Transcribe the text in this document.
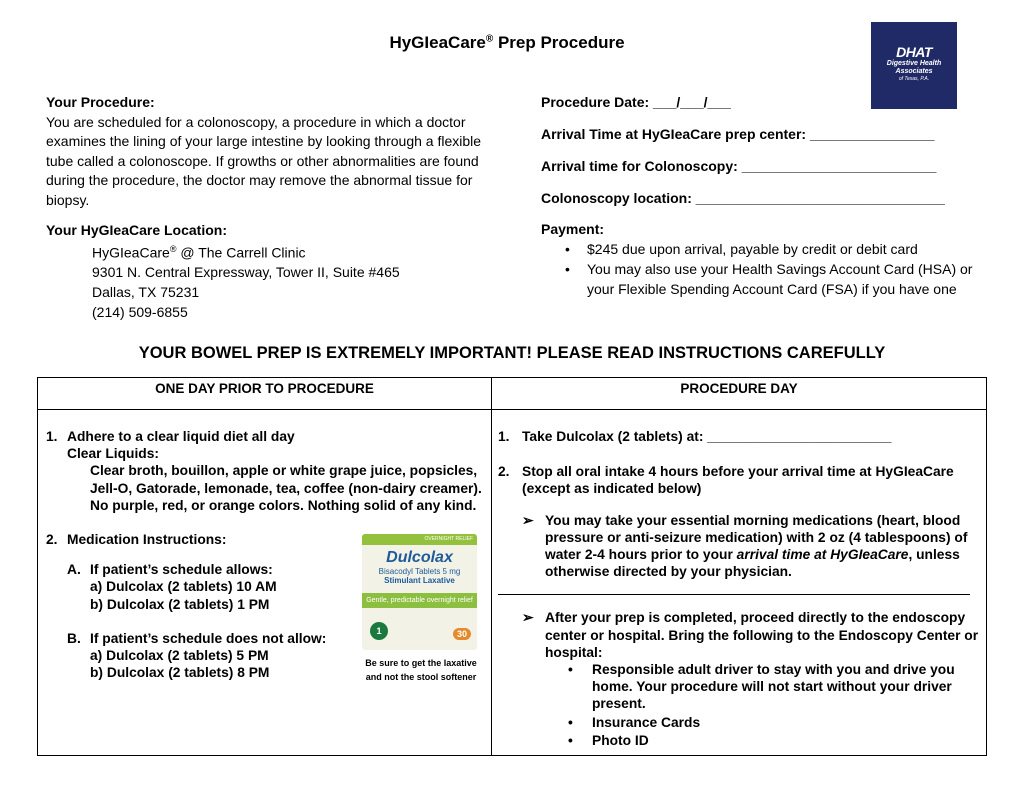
HyGIeaCare® Prep Procedure	DHAT
Digestive Health
Associates
of Texas, P.A.
Your Procedure:
You are scheduled for a colonoscopy, a procedure in which a doctor examines the lining of your large intestine by looking through a flexible tube called a colonoscope. If growths or other abnormalities are found during the procedure, the doctor may remove the abnormal tissue for biopsy.
Your HyGIeaCare Location:
HyGIeaCare® @ The Carrell Clinic
9301 N. Central Expressway, Tower II, Suite #465
Dallas, TX 75231
(214) 509-6855
Procedure Date: ___/___/___
Arrival Time at HyGIeaCare prep center: ________________
Arrival time for Colonoscopy: _________________________
Colonoscopy location: ________________________________
Payment:
• $245 due upon arrival, payable by credit or debit card
• You may also use your Health Savings Account Card (HSA) or your Flexible Spending Account Card (FSA) if you have one
YOUR BOWEL PREP IS EXTREMELY IMPORTANT! PLEASE READ INSTRUCTIONS CAREFULLY
ONE DAY PRIOR TO PROCEDURE	PROCEDURE DAY
1. Adhere to a clear liquid diet all day
Clear Liquids:
Clear broth, bouillon, apple or white grape juice, popsicles, Jell-O, Gatorade, lemonade, tea, coffee (non-dairy creamer). No purple, red, or orange colors. Nothing solid of any kind.
2. Medication Instructions:
A. If patient’s schedule allows:
a) Dulcolax (2 tablets) 10 AM
b) Dulcolax (2 tablets) 1 PM
B. If patient’s schedule does not allow:
a) Dulcolax (2 tablets) 5 PM
b) Dulcolax (2 tablets) 8 PM
OVERNIGHT RELIEF
Dulcolax
Bisacodyl Tablets 5 mg
Stimulant Laxative
Gentle, predictable overnight relief
1	30
Be sure to get the laxative and not the stool softener
1. Take Dulcolax (2 tablets) at: ________________________
2. Stop all oral intake 4 hours before your arrival time at HyGIeaCare (except as indicated below)
➢ You may take your essential morning medications (heart, blood pressure or anti-seizure medication) with 2 oz (4 tablespoons) of water 2-4 hours prior to your arrival time at HyGIeaCare, unless otherwise directed by your physician.
➢ After your prep is completed, proceed directly to the endoscopy center or hospital. Bring the following to the Endoscopy Center or hospital:
•	Responsible adult driver to stay with you and drive you home. Your procedure will not start without your driver present.
•	Insurance Cards
•	Photo ID
